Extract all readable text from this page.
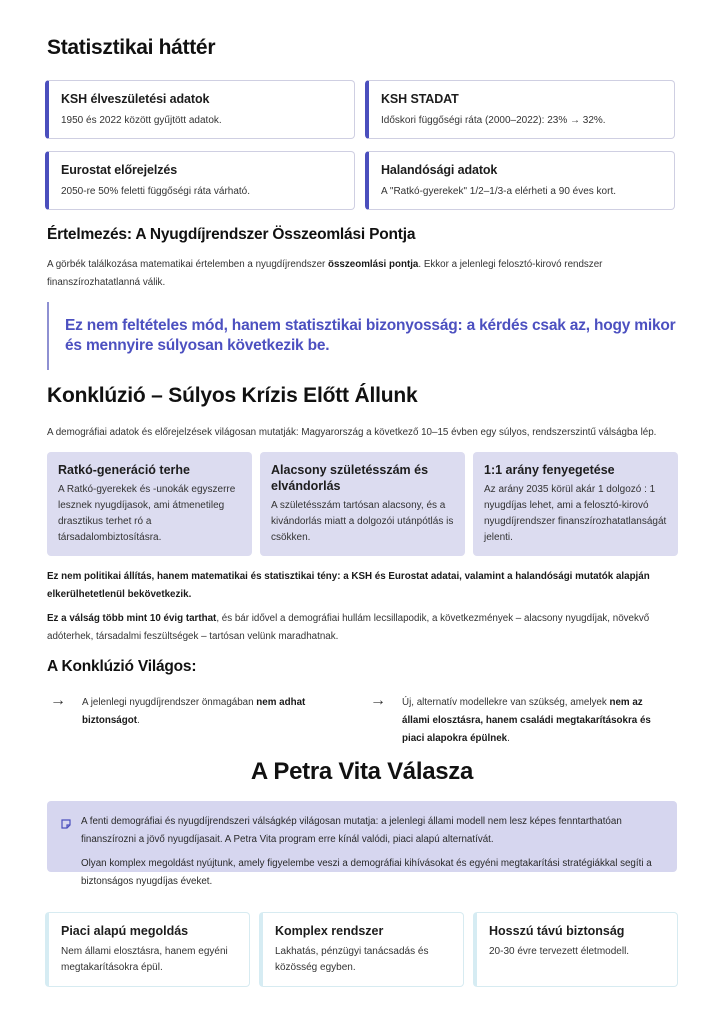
Statisztikai háttér
KSH élveszületési adatok
1950 és 2022 között gyűjtött adatok.
KSH STADAT
Időskori függőségi ráta (2000–2022): 23% → 32%.
Eurostat előrejelzés
2050-re 50% feletti függőségi ráta várható.
Halandósági adatok
A "Ratkó-gyerekek" 1/2–1/3-a elérheti a 90 éves kort.
Értelmezés: A Nyugdíjrendszer Összeomlási Pontja
A görbék találkozása matematikai értelemben a nyugdíjrendszer összeomlási pontja. Ekkor a jelenlegi felosztó-kirovó rendszer finanszírozhatatlanná válik.
Ez nem feltételes mód, hanem statisztikai bizonyosság: a kérdés csak az, hogy mikor és mennyire súlyosan következik be.
Konklúzió – Súlyos Krízis Előtt Állunk
A demográfiai adatok és előrejelzések világosan mutatják: Magyarország a következő 10–15 évben egy súlyos, rendszerszintű válságba lép.
Ratkó-generáció terhe
A Ratkó-gyerekek és -unokák egyszerre lesznek nyugdíjasok, ami átmenetileg drasztikus terhet ró a társadalombiztosításra.
Alacsony születésszám és elvándorlás
A születésszám tartósan alacsony, és a kivándorlás miatt a dolgozói utánpótlás is csökken.
1:1 arány fenyegetése
Az arány 2035 körül akár 1 dolgozó : 1 nyugdíjas lehet, ami a felosztó-kirovó nyugdíjrendszer finanszírozhatatlanságát jelenti.
Ez nem politikai állítás, hanem matematikai és statisztikai tény: a KSH és Eurostat adatai, valamint a halandósági mutatók alapján elkerülhetetlenül bekövetkezik.
Ez a válság több mint 10 évig tarthat, és bár idővel a demográfiai hullám lecsillapodik, a következmények – alacsony nyugdíjak, növekvő adóterhek, társadalmi feszültségek – tartósan velünk maradhatnak.
A Konklúzió Világos:
→	A jelenlegi nyugdíjrendszer önmagában nem adhat biztonságot.
→	Új, alternatív modellekre van szükség, amelyek nem az állami elosztásra, hanem családi megtakarításokra és piaci alapokra épülnek.
A Petra Vita Válasza

A fenti demográfiai és nyugdíjrendszeri válságkép világosan mutatja: a jelenlegi állami modell nem lesz képes fenntarthatóan finanszírozni a jövő nyugdíjasait. A Petra Vita program erre kínál valódi, piaci alapú alternatívát.

Olyan komplex megoldást nyújtunk, amely figyelembe veszi a demográfiai kihívásokat és egyéni megtakarítási stratégiákkal segíti a biztonságos nyugdíjas éveket.

Piaci alapú megoldás
Nem állami elosztásra, hanem egyéni megtakarításokra épül.
Komplex rendszer
Lakhatás, pénzügyi tanácsadás és közösség egyben.
Hosszú távú biztonság
20-30 évre tervezett életmodell.
